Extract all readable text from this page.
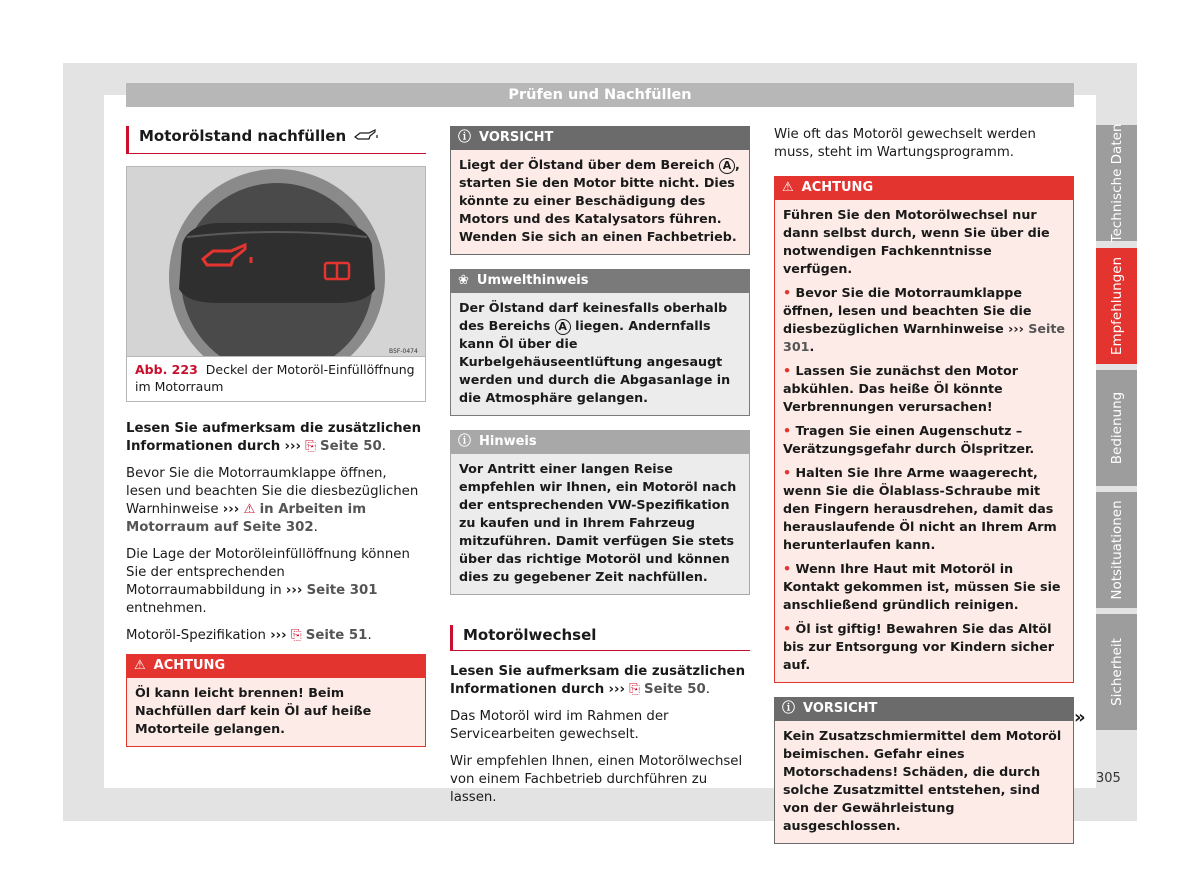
Prüfen und Nachfüllen
Motorölstand nachfüllen
B5F-0474
Abb. 223 Deckel der Motoröl-Einfüllöffnung im Motorraum

Lesen Sie aufmerksam die zusätzlichen Informationen durch ››› ⎘ Seite 50.

Bevor Sie die Motorraumklappe öffnen, lesen und beachten Sie die diesbezüglichen Warnhinweise ››› ⚠ in Arbeiten im Motorraum auf Seite 302.

Die Lage der Motoröleinfüllöffnung können Sie der entsprechenden Motorraumabbildung in ››› Seite 301 entnehmen.

Motoröl-Spezifikation ››› ⎘ Seite 51.

⚠ ACHTUNG
Öl kann leicht brennen! Beim Nachfüllen darf kein Öl auf heiße Motorteile gelangen.
ⓘ VORSICHT
Liegt der Ölstand über dem Bereich A , starten Sie den Motor bitte nicht. Dies könnte zu einer Beschädigung des Motors und des Katalysators führen. Wenden Sie sich an einen Fachbetrieb.
❀ Umwelthinweis
Der Ölstand darf keinesfalls oberhalb des Bereichs A liegen. Andernfalls kann Öl über die Kurbelgehäuseentlüftung angesaugt werden und durch die Abgasanlage in die Atmosphäre gelangen.
ⓘ Hinweis
Vor Antritt einer langen Reise empfehlen wir Ihnen, ein Motoröl nach der entsprechenden VW-Spezifikation zu kaufen und in Ihrem Fahrzeug mitzuführen. Damit verfügen Sie stets über das richtige Motoröl und können dies zu gegebener Zeit nachfüllen.
Motorölwechsel

Lesen Sie aufmerksam die zusätzlichen Informationen durch ››› ⎘ Seite 50.

Das Motoröl wird im Rahmen der Servicearbeiten gewechselt.

Wir empfehlen Ihnen, einen Motorölwechsel von einem Fachbetrieb durchführen zu lassen.

Wie oft das Motoröl gewechselt werden muss, steht im Wartungsprogramm.

⚠ ACHTUNG

Führen Sie den Motorölwechsel nur dann selbst durch, wenn Sie über die notwendigen Fachkenntnisse verfügen.

• Bevor Sie die Motorraumklappe öffnen, lesen und beachten Sie die diesbezüglichen Warnhinweise ››› Seite 301.

• Lassen Sie zunächst den Motor abkühlen. Das heiße Öl könnte Verbrennungen verursachen!

• Tragen Sie einen Augenschutz – Verätzungsgefahr durch Ölspritzer.

• Halten Sie Ihre Arme waagerecht, wenn Sie die Ölablass-Schraube mit den Fingern herausdrehen, damit das herauslaufende Öl nicht an Ihrem Arm herunterlaufen kann.

• Wenn Ihre Haut mit Motoröl in Kontakt gekommen ist, müssen Sie sie anschließend gründlich reinigen.

• Öl ist giftig! Bewahren Sie das Altöl bis zur Entsorgung vor Kindern sicher auf.

ⓘ VORSICHT
Kein Zusatzschmiermittel dem Motoröl beimischen. Gefahr eines Motorschadens! Schäden, die durch solche Zusatzmittel entstehen, sind von der Gewährleistung ausgeschlossen.
»
Technische Daten
Empfehlungen
Bedienung
Notsituationen
Sicherheit
305
